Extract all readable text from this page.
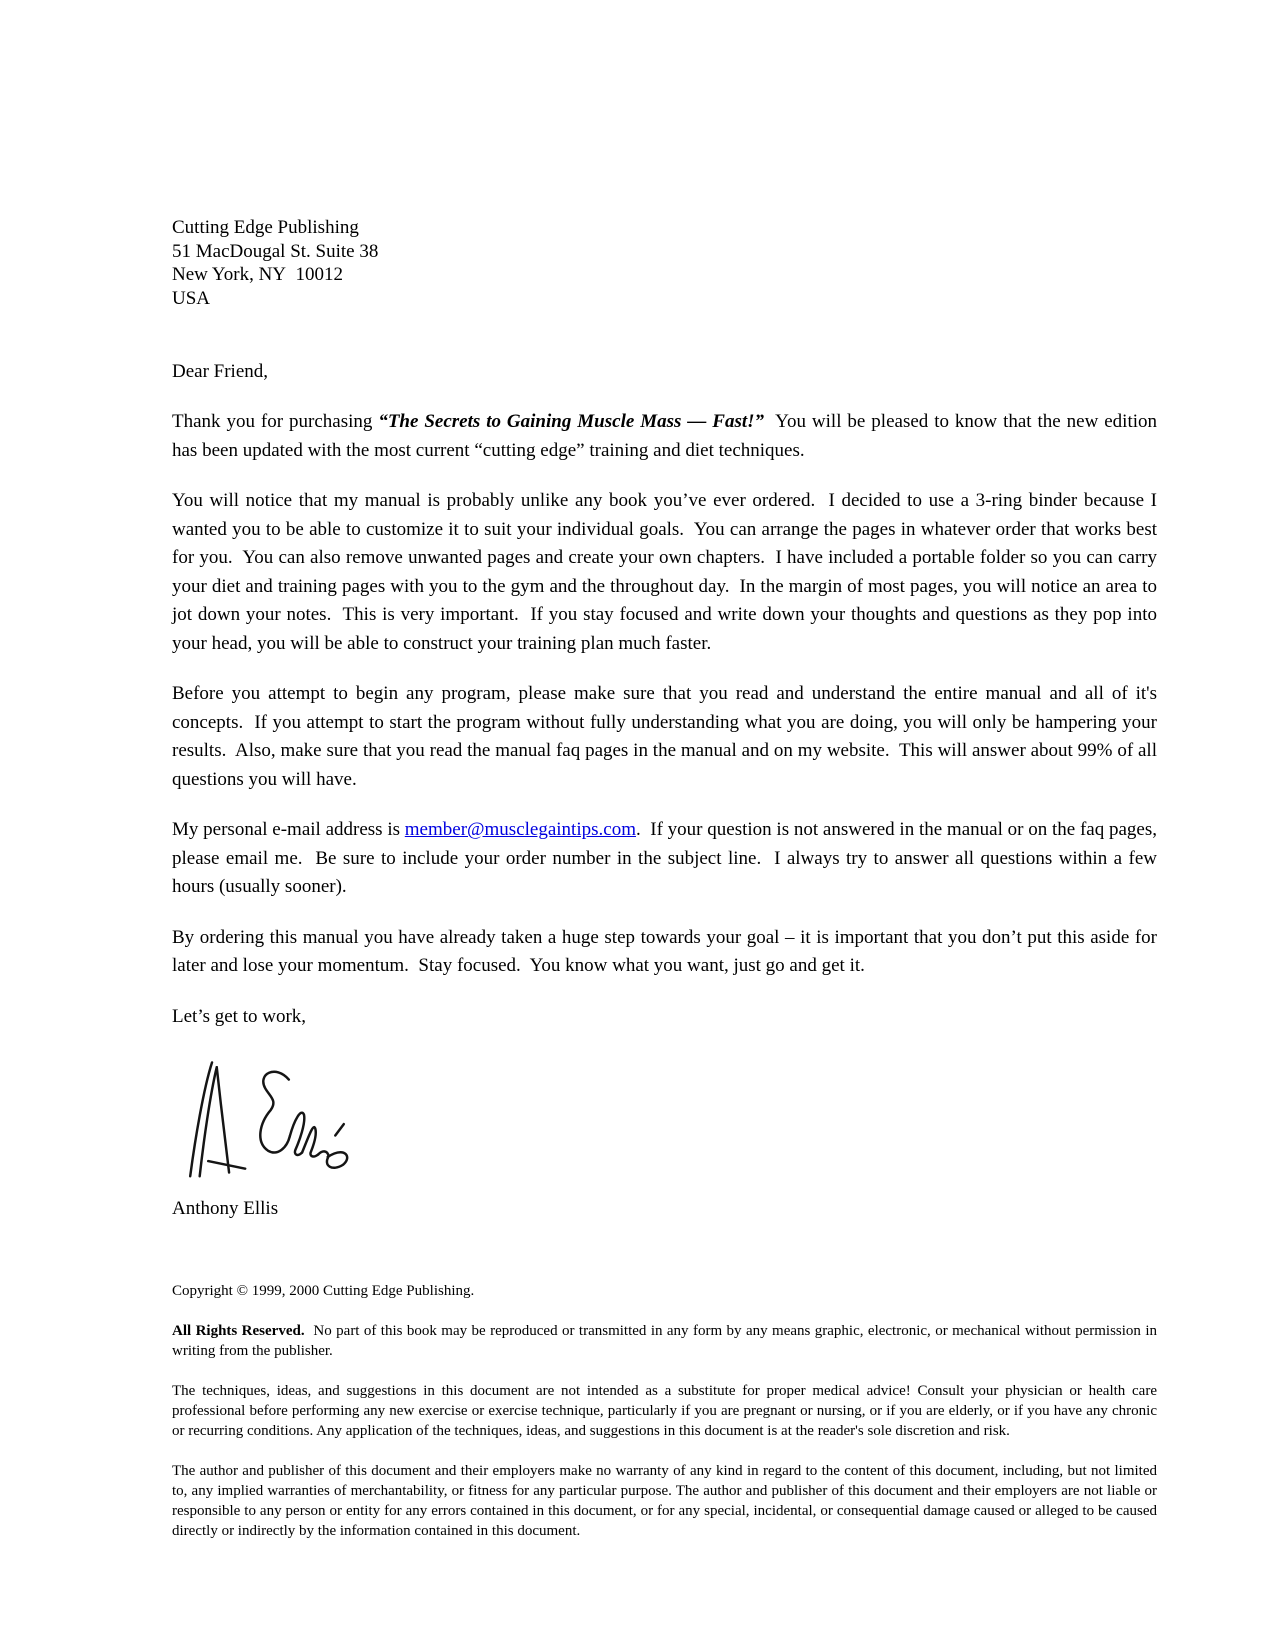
Cutting Edge Publishing
51 MacDougal St. Suite 38
New York, NY  10012
USA

Dear Friend,

Thank you for purchasing “The Secrets to Gaining Muscle Mass — Fast!”  You will be pleased to know that the new edition has been updated with the most current “cutting edge” training and diet techniques.

You will notice that my manual is probably unlike any book you’ve ever ordered.  I decided to use a 3-ring binder because I wanted you to be able to customize it to suit your individual goals.  You can arrange the pages in whatever order that works best for you.  You can also remove unwanted pages and create your own chapters.  I have included a portable folder so you can carry your diet and training pages with you to the gym and the throughout day.  In the margin of most pages, you will notice an area to jot down your notes.  This is very important.  If you stay focused and write down your thoughts and questions as they pop into your head, you will be able to construct your training plan much faster.

Before you attempt to begin any program, please make sure that you read and understand the entire manual and all of it's concepts.  If you attempt to start the program without fully understanding what you are doing, you will only be hampering your results.  Also, make sure that you read the manual faq pages in the manual and on my website.  This will answer about 99% of all questions you will have.

My personal e-mail address is member@musclegaintips.com.  If your question is not answered in the manual or on the faq pages, please email me.  Be sure to include your order number in the subject line.  I always try to answer all questions within a few hours (usually sooner).

By ordering this manual you have already taken a huge step towards your goal – it is important that you don’t put this aside for later and lose your momentum.  Stay focused.  You know what you want, just go and get it.

Let’s get to work,

Anthony Ellis

Copyright © 1999, 2000 Cutting Edge Publishing.

All Rights Reserved.  No part of this book may be reproduced or transmitted in any form by any means graphic, electronic, or mechanical without permission in writing from the publisher.

The techniques, ideas, and suggestions in this document are not intended as a substitute for proper medical advice! Consult your physician or health care professional before performing any new exercise or exercise technique, particularly if you are pregnant or nursing, or if you are elderly, or if you have any chronic or recurring conditions. Any application of the techniques, ideas, and suggestions in this document is at the reader's sole discretion and risk.

The author and publisher of this document and their employers make no warranty of any kind in regard to the content of this document, including, but not limited to, any implied warranties of merchantability, or fitness for any particular purpose. The author and publisher of this document and their employers are not liable or responsible to any person or entity for any errors contained in this document, or for any special, incidental, or consequential damage caused or alleged to be caused directly or indirectly by the information contained in this document.
